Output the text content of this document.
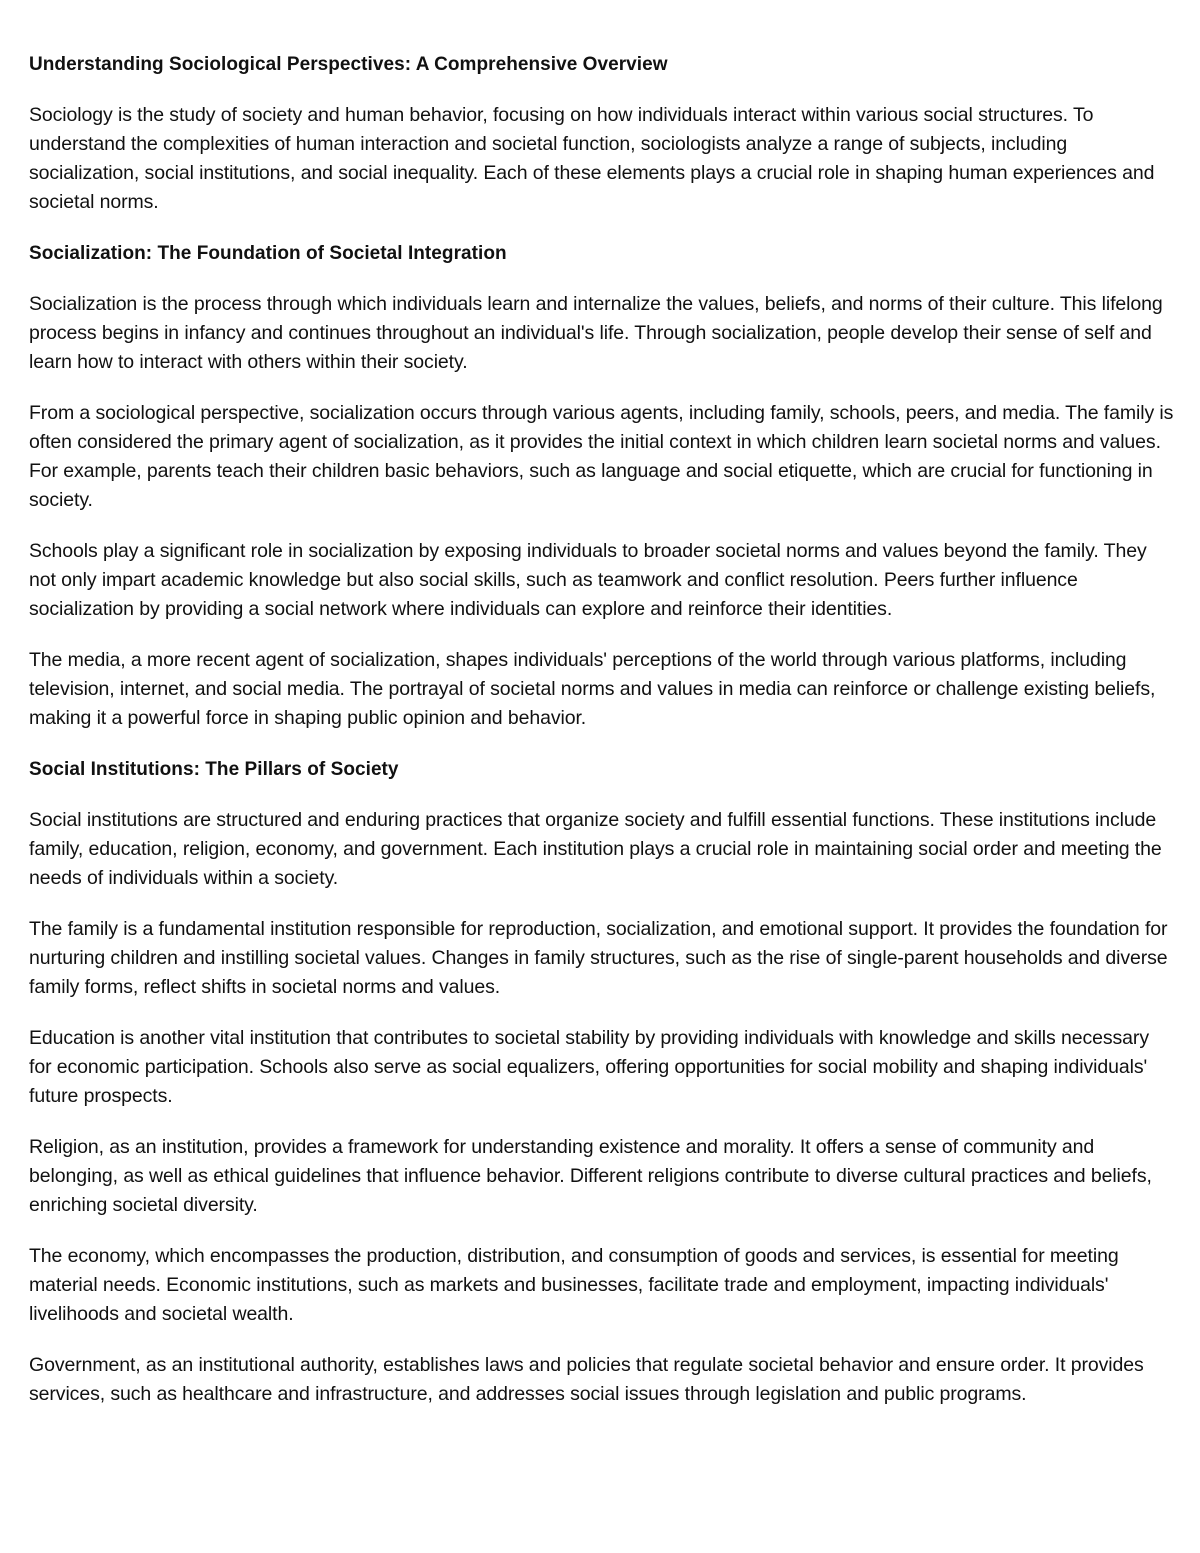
Understanding Sociological Perspectives: A Comprehensive Overview
Sociology is the study of society and human behavior, focusing on how individuals interact within various social structures. To understand the complexities of human interaction and societal function, sociologists analyze a range of subjects, including socialization, social institutions, and social inequality. Each of these elements plays a crucial role in shaping human experiences and societal norms.
Socialization: The Foundation of Societal Integration
Socialization is the process through which individuals learn and internalize the values, beliefs, and norms of their culture. This lifelong process begins in infancy and continues throughout an individual's life. Through socialization, people develop their sense of self and learn how to interact with others within their society.
From a sociological perspective, socialization occurs through various agents, including family, schools, peers, and media. The family is often considered the primary agent of socialization, as it provides the initial context in which children learn societal norms and values. For example, parents teach their children basic behaviors, such as language and social etiquette, which are crucial for functioning in society.
Schools play a significant role in socialization by exposing individuals to broader societal norms and values beyond the family. They not only impart academic knowledge but also social skills, such as teamwork and conflict resolution. Peers further influence socialization by providing a social network where individuals can explore and reinforce their identities.
The media, a more recent agent of socialization, shapes individuals' perceptions of the world through various platforms, including television, internet, and social media. The portrayal of societal norms and values in media can reinforce or challenge existing beliefs, making it a powerful force in shaping public opinion and behavior.
Social Institutions: The Pillars of Society
Social institutions are structured and enduring practices that organize society and fulfill essential functions. These institutions include family, education, religion, economy, and government. Each institution plays a crucial role in maintaining social order and meeting the needs of individuals within a society.
The family is a fundamental institution responsible for reproduction, socialization, and emotional support. It provides the foundation for nurturing children and instilling societal values. Changes in family structures, such as the rise of single-parent households and diverse family forms, reflect shifts in societal norms and values.
Education is another vital institution that contributes to societal stability by providing individuals with knowledge and skills necessary for economic participation. Schools also serve as social equalizers, offering opportunities for social mobility and shaping individuals' future prospects.
Religion, as an institution, provides a framework for understanding existence and morality. It offers a sense of community and belonging, as well as ethical guidelines that influence behavior. Different religions contribute to diverse cultural practices and beliefs, enriching societal diversity.
The economy, which encompasses the production, distribution, and consumption of goods and services, is essential for meeting material needs. Economic institutions, such as markets and businesses, facilitate trade and employment, impacting individuals' livelihoods and societal wealth.
Government, as an institutional authority, establishes laws and policies that regulate societal behavior and ensure order. It provides services, such as healthcare and infrastructure, and addresses social issues through legislation and public programs.
